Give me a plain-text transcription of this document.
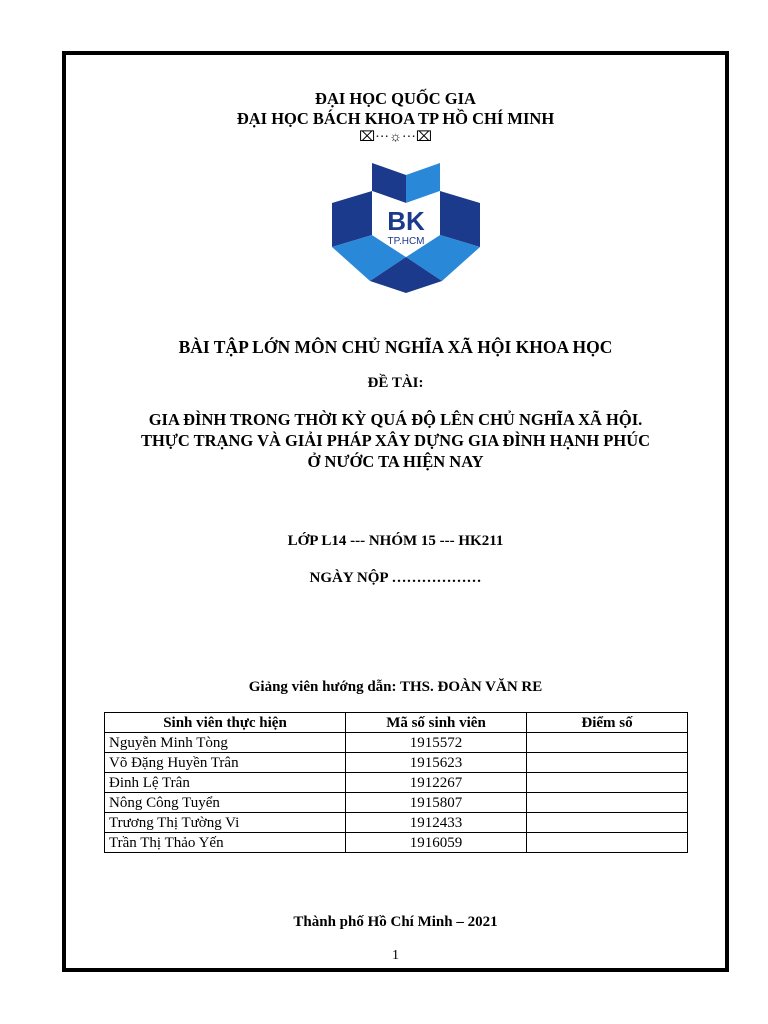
ĐẠI HỌC QUỐC GIA
ĐẠI HỌC BÁCH KHOA TP HỒ CHÍ MINH
⌧···☼···⌧
BK
TP.HCM
BÀI TẬP LỚN MÔN CHỦ NGHĨA XÃ HỘI KHOA HỌC
ĐỀ TÀI:
GIA ĐÌNH TRONG THỜI KỲ QUÁ ĐỘ LÊN CHỦ NGHĨA XÃ HỘI.
THỰC TRẠNG VÀ GIẢI PHÁP XÂY DỰNG GIA ĐÌNH HẠNH PHÚC
Ở NƯỚC TA HIỆN NAY
LỚP L14 --- NHÓM 15 --- HK211
NGÀY NỘP ………………
Giảng viên hướng dẫn: THS. ĐOÀN VĂN RE
Sinh viên thực hiện	Mã số sinh viên	Điểm số
Nguyễn Minh Tòng	1915572	
Võ Đặng Huyền Trân	1915623	
Đinh Lệ Trân	1912267	
Nông Công Tuyển	1915807	
Trương Thị Tường Vi	1912433	
Trần Thị Thảo Yến	1916059	
Thành phố Hồ Chí Minh – 2021
1
